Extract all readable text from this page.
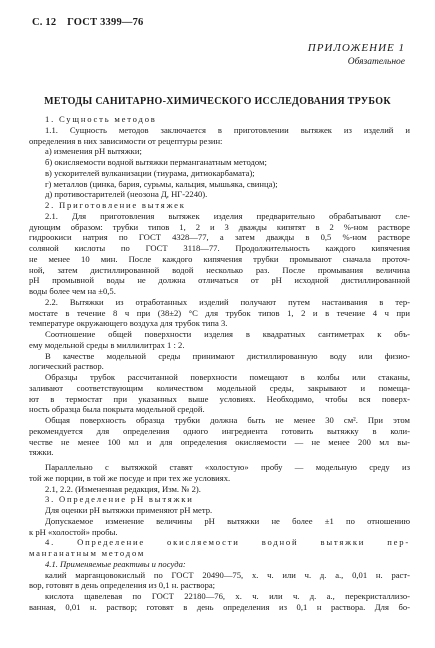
С. 12 ГОСТ 3399—76
ПРИЛОЖЕНИЕ 1
Обязательное
МЕТОДЫ САНИТАРНО-ХИМИЧЕСКОГО ИССЛЕДОВАНИЯ ТРУБОК
1. Сущность методов
1.1. Сущность методов заключается в приготовлении вытяжек из изделий и
определения в них зависимости от рецептуры резин:
а) изменения pH вытяжки;
б) окисляемости водной вытяжки перманганатным методом;
в) ускорителей вулканизации (тиурама, дитиокарбамата);
г) металлов (цинка, бария, сурьмы, кальция, мышьяка, свинца);
д) противостарителей (неозона Д, НГ-2240).
2. Приготовление вытяжек
2.1. Для приготовления вытяжек изделия предварительно обрабатывают сле-
дующим образом: трубки типов 1, 2 и 3 дважды кипятят в 2 %-ном растворе
гидроокиси натрия по ГОСТ 4328—77, а затем дважды в 0,5 %-ном растворе
соляной кислоты по ГОСТ 3118—77. Продолжительность каждого кипячения
не менее 10 мин. После каждого кипячения трубки промывают сначала проточ-
ной, затем дистиллированной водой несколько раз. После промывания величина
pH промывной воды не должна отличаться от pH исходной дистиллированной
воды более чем на ±0,5.
2.2. Вытяжки из отработанных изделий получают путем настаивания в тер-
мостате в течение 8 ч при (38±2) °С для трубок типов 1, 2 и в течение 4 ч при
температуре окружающего воздуха для трубок типа 3.
Соотношение общей поверхности изделия в квадратных сантиметрах к объ-
ему модельной среды в миллилитрах 1 : 2.
В качестве модельной среды принимают дистиллированную воду или физио-
логический раствор.
Образцы трубок рассчитанной поверхности помещают в колбы или стаканы,
заливают соответствующим количеством модельной среды, закрывают и помеща-
ют в термостат при указанных выше условиях. Необходимо, чтобы вся поверх-
ность образца была покрыта модельной средой.
Общая поверхность образца трубки должна быть не менее 30 см². При этом
рекомендуется для определения одного ингредиента готовить вытяжку в коли-
честве не менее 100 мл и для определения окисляемости — не менее 200 мл вы-
тяжки.
Параллельно с вытяжкой ставят «холостую» пробу — модельную среду из
той же порции, в той же посуде и при тех же условиях.
2.1, 2.2. (Измененная редакция, Изм. № 2).
3. Определение pH вытяжки
Для оценки pH вытяжки применяют pH метр.
Допускаемое изменение величины pH вытяжки не более ±1 по отношению
к pH «холостой» пробы.
4. Определение окисляемости водной вытяжки пер-
манганатным методом
4.1. Применяемые реактивы и посуда:
калий марганцовокислый по ГОСТ 20490—75, х. ч. или ч. д. а., 0,01 н. раст-
вор, готовят в день определения из 0,1 н. раствора;
кислота щавелевая по ГОСТ 22180—76, х. ч. или ч. д. а., перекристаллизо-
ванная, 0,01 н. раствор; готовят в день определения из 0,1 н раствора. Для бо-
